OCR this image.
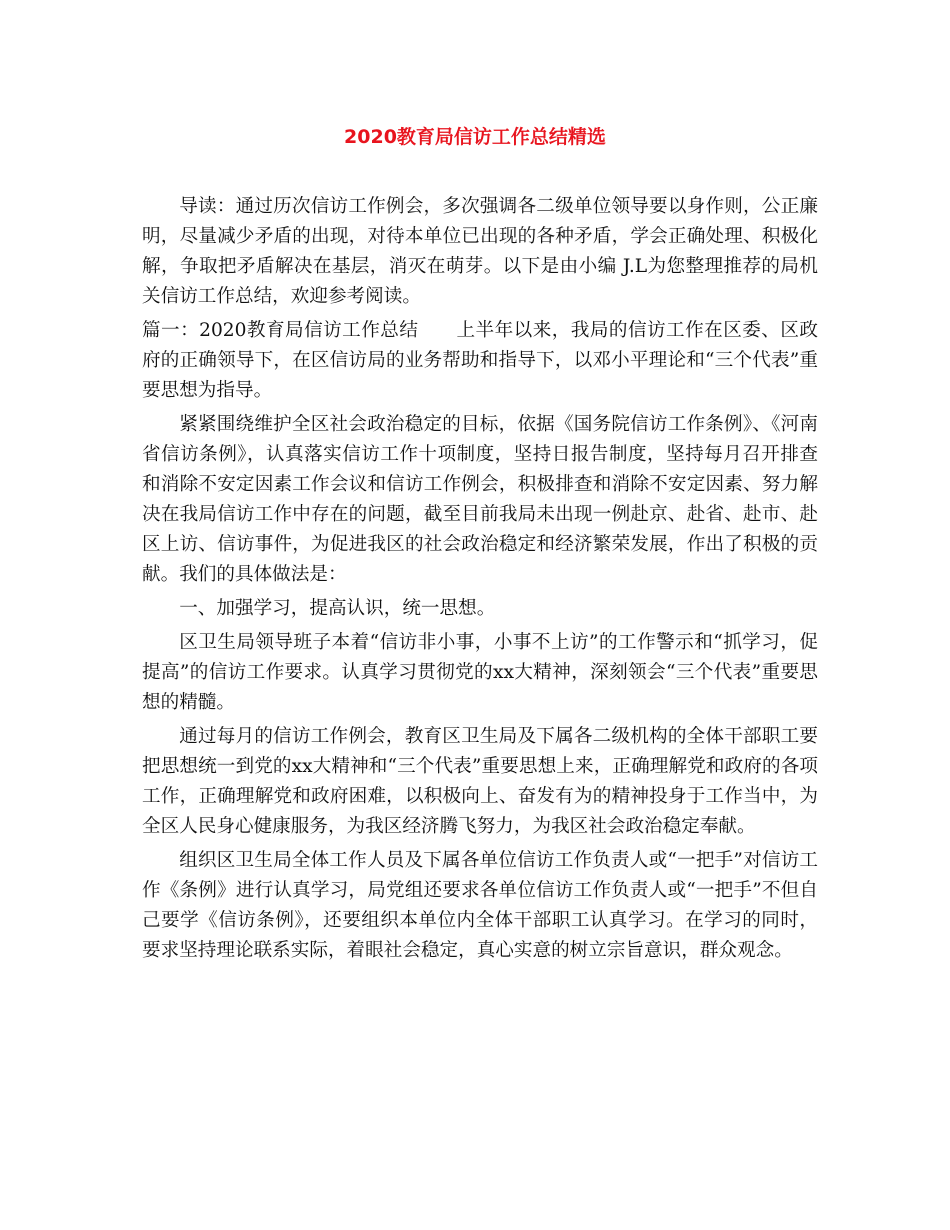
2020教育局信访工作总结精选

导读：通过历次信访工作例会，多次强调各二级单位领导要以身作则，公正廉明，尽量减少矛盾的出现，对待本单位已出现的各种矛盾，学会正确处理、积极化解，争取把矛盾解决在基层，消灭在萌芽。以下是由小编 J.L为您整理推荐的局机关信访工作总结，欢迎参考阅读。

篇一：2020教育局信访工作总结　　上半年以来，我局的信访工作在区委、区政府的正确领导下，在区信访局的业务帮助和指导下，以邓小平理论和“三个代表”重要思想为指导。

紧紧围绕维护全区社会政治稳定的目标，依据《国务院信访工作条例》、《河南省信访条例》，认真落实信访工作十项制度，坚持日报告制度，坚持每月召开排查和消除不安定因素工作会议和信访工作例会，积极排查和消除不安定因素、努力解决在我局信访工作中存在的问题，截至目前我局未出现一例赴京、赴省、赴市、赴区上访、信访事件，为促进我区的社会政治稳定和经济繁荣发展，作出了积极的贡献。我们的具体做法是：

一、加强学习，提高认识，统一思想。

区卫生局领导班子本着“信访非小事，小事不上访”的工作警示和“抓学习，促提高”的信访工作要求。认真学习贯彻党的xx大精神，深刻领会“三个代表”重要思想的精髓。

通过每月的信访工作例会，教育区卫生局及下属各二级机构的全体干部职工要把思想统一到党的xx大精神和“三个代表”重要思想上来，正确理解党和政府的各项工作，正确理解党和政府困难，以积极向上、奋发有为的精神投身于工作当中，为全区人民身心健康服务，为我区经济腾飞努力，为我区社会政治稳定奉献。

组织区卫生局全体工作人员及下属各单位信访工作负责人或“一把手”对信访工作《条例》进行认真学习，局党组还要求各单位信访工作负责人或“一把手”不但自己要学《信访条例》，还要组织本单位内全体干部职工认真学习。在学习的同时，要求坚持理论联系实际，着眼社会稳定，真心实意的树立宗旨意识，群众观念。
